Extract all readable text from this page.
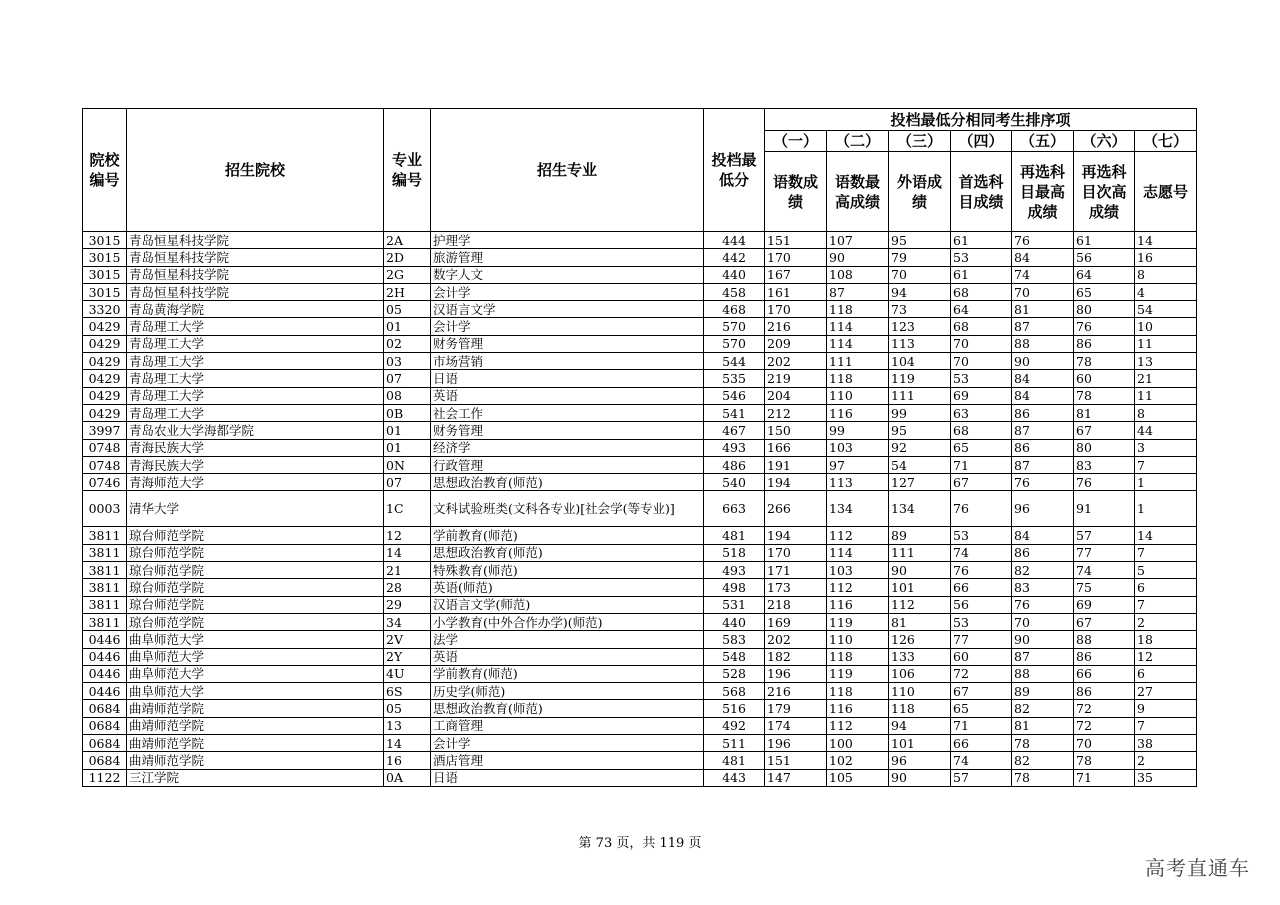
院校编号	招生院校	专业编号	招生专业	投档最低分	投档最低分相同考生排序项						
					（一）	（二）	（三）	（四）	（五）	（六）	（七）
					语数成绩	语数最高成绩	外语成绩	首选科目成绩	再选科目最高成绩	再选科目次高成绩	志愿号
3015	青岛恒星科技学院	2A	护理学	444	151	107	95	61	76	61	14
3015	青岛恒星科技学院	2D	旅游管理	442	170	90	79	53	84	56	16
3015	青岛恒星科技学院	2G	数字人文	440	167	108	70	61	74	64	8
3015	青岛恒星科技学院	2H	会计学	458	161	87	94	68	70	65	4
3320	青岛黄海学院	05	汉语言文学	468	170	118	73	64	81	80	54
0429	青岛理工大学	01	会计学	570	216	114	123	68	87	76	10
0429	青岛理工大学	02	财务管理	570	209	114	113	70	88	86	11
0429	青岛理工大学	03	市场营销	544	202	111	104	70	90	78	13
0429	青岛理工大学	07	日语	535	219	118	119	53	84	60	21
0429	青岛理工大学	08	英语	546	204	110	111	69	84	78	11
0429	青岛理工大学	0B	社会工作	541	212	116	99	63	86	81	8
3997	青岛农业大学海都学院	01	财务管理	467	150	99	95	68	87	67	44
0748	青海民族大学	01	经济学	493	166	103	92	65	86	80	3
0748	青海民族大学	0N	行政管理	486	191	97	54	71	87	83	7
0746	青海师范大学	07	思想政治教育(师范)	540	194	113	127	67	76	76	1
0003	清华大学	1C	文科试验班类(文科各专业)[社会学(等专业)]	663	266	134	134	76	96	91	1
3811	琼台师范学院	12	学前教育(师范)	481	194	112	89	53	84	57	14
3811	琼台师范学院	14	思想政治教育(师范)	518	170	114	111	74	86	77	7
3811	琼台师范学院	21	特殊教育(师范)	493	171	103	90	76	82	74	5
3811	琼台师范学院	28	英语(师范)	498	173	112	101	66	83	75	6
3811	琼台师范学院	29	汉语言文学(师范)	531	218	116	112	56	76	69	7
3811	琼台师范学院	34	小学教育(中外合作办学)(师范)	440	169	119	81	53	70	67	2
0446	曲阜师范大学	2V	法学	583	202	110	126	77	90	88	18
0446	曲阜师范大学	2Y	英语	548	182	118	133	60	87	86	12
0446	曲阜师范大学	4U	学前教育(师范)	528	196	119	106	72	88	66	6
0446	曲阜师范大学	6S	历史学(师范)	568	216	118	110	67	89	86	27
0684	曲靖师范学院	05	思想政治教育(师范)	516	179	116	118	65	82	72	9
0684	曲靖师范学院	13	工商管理	492	174	112	94	71	81	72	7
0684	曲靖师范学院	14	会计学	511	196	100	101	66	78	70	38
0684	曲靖师范学院	16	酒店管理	481	151	102	96	74	82	78	2
1122	三江学院	0A	日语	443	147	105	90	57	78	71	35
第 73 页，共 119 页
高考直通车
